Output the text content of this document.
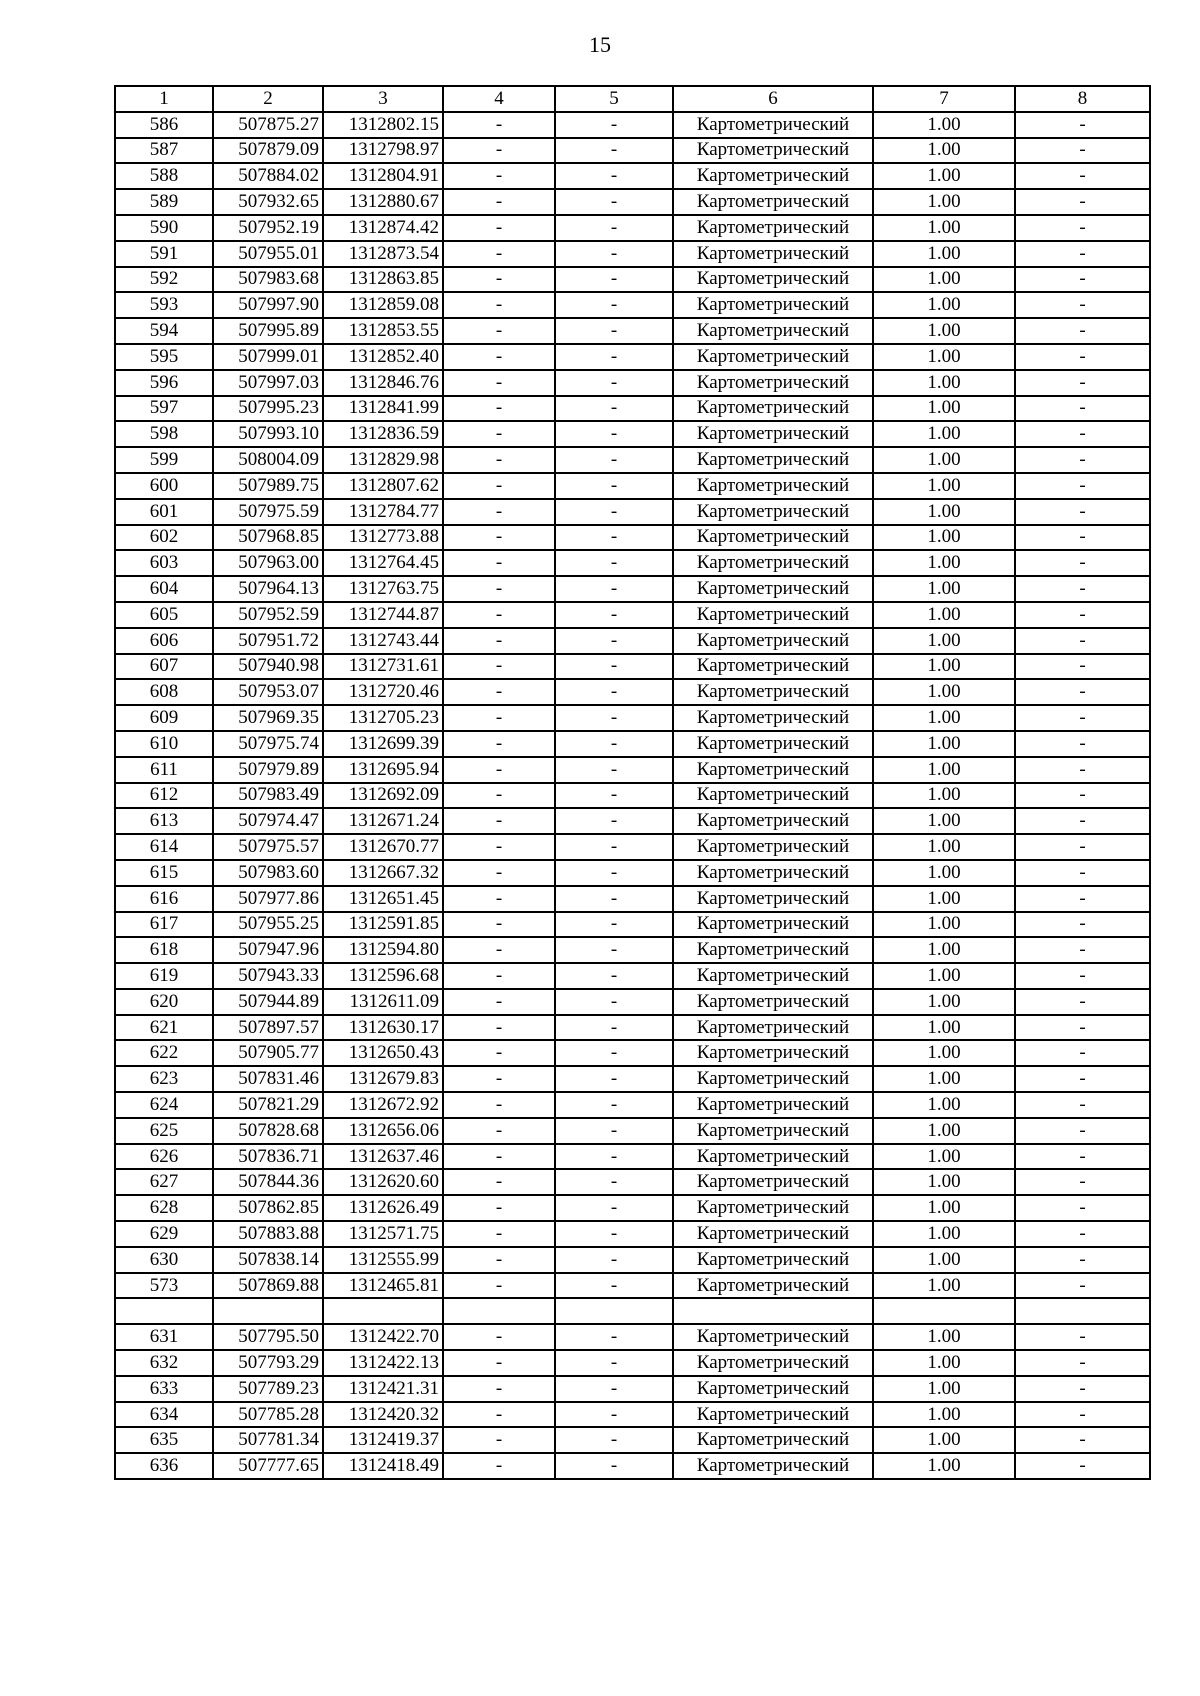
15
1	2	3	4	5	6	7	8
586	507875.27	1312802.15	-	-	Картометрический	1.00	-
587	507879.09	1312798.97	-	-	Картометрический	1.00	-
588	507884.02	1312804.91	-	-	Картометрический	1.00	-
589	507932.65	1312880.67	-	-	Картометрический	1.00	-
590	507952.19	1312874.42	-	-	Картометрический	1.00	-
591	507955.01	1312873.54	-	-	Картометрический	1.00	-
592	507983.68	1312863.85	-	-	Картометрический	1.00	-
593	507997.90	1312859.08	-	-	Картометрический	1.00	-
594	507995.89	1312853.55	-	-	Картометрический	1.00	-
595	507999.01	1312852.40	-	-	Картометрический	1.00	-
596	507997.03	1312846.76	-	-	Картометрический	1.00	-
597	507995.23	1312841.99	-	-	Картометрический	1.00	-
598	507993.10	1312836.59	-	-	Картометрический	1.00	-
599	508004.09	1312829.98	-	-	Картометрический	1.00	-
600	507989.75	1312807.62	-	-	Картометрический	1.00	-
601	507975.59	1312784.77	-	-	Картометрический	1.00	-
602	507968.85	1312773.88	-	-	Картометрический	1.00	-
603	507963.00	1312764.45	-	-	Картометрический	1.00	-
604	507964.13	1312763.75	-	-	Картометрический	1.00	-
605	507952.59	1312744.87	-	-	Картометрический	1.00	-
606	507951.72	1312743.44	-	-	Картометрический	1.00	-
607	507940.98	1312731.61	-	-	Картометрический	1.00	-
608	507953.07	1312720.46	-	-	Картометрический	1.00	-
609	507969.35	1312705.23	-	-	Картометрический	1.00	-
610	507975.74	1312699.39	-	-	Картометрический	1.00	-
611	507979.89	1312695.94	-	-	Картометрический	1.00	-
612	507983.49	1312692.09	-	-	Картометрический	1.00	-
613	507974.47	1312671.24	-	-	Картометрический	1.00	-
614	507975.57	1312670.77	-	-	Картометрический	1.00	-
615	507983.60	1312667.32	-	-	Картометрический	1.00	-
616	507977.86	1312651.45	-	-	Картометрический	1.00	-
617	507955.25	1312591.85	-	-	Картометрический	1.00	-
618	507947.96	1312594.80	-	-	Картометрический	1.00	-
619	507943.33	1312596.68	-	-	Картометрический	1.00	-
620	507944.89	1312611.09	-	-	Картометрический	1.00	-
621	507897.57	1312630.17	-	-	Картометрический	1.00	-
622	507905.77	1312650.43	-	-	Картометрический	1.00	-
623	507831.46	1312679.83	-	-	Картометрический	1.00	-
624	507821.29	1312672.92	-	-	Картометрический	1.00	-
625	507828.68	1312656.06	-	-	Картометрический	1.00	-
626	507836.71	1312637.46	-	-	Картометрический	1.00	-
627	507844.36	1312620.60	-	-	Картометрический	1.00	-
628	507862.85	1312626.49	-	-	Картометрический	1.00	-
629	507883.88	1312571.75	-	-	Картометрический	1.00	-
630	507838.14	1312555.99	-	-	Картометрический	1.00	-
573	507869.88	1312465.81	-	-	Картометрический	1.00	-

631	507795.50	1312422.70	-	-	Картометрический	1.00	-
632	507793.29	1312422.13	-	-	Картометрический	1.00	-
633	507789.23	1312421.31	-	-	Картометрический	1.00	-
634	507785.28	1312420.32	-	-	Картометрический	1.00	-
635	507781.34	1312419.37	-	-	Картометрический	1.00	-
636	507777.65	1312418.49	-	-	Картометрический	1.00	-
